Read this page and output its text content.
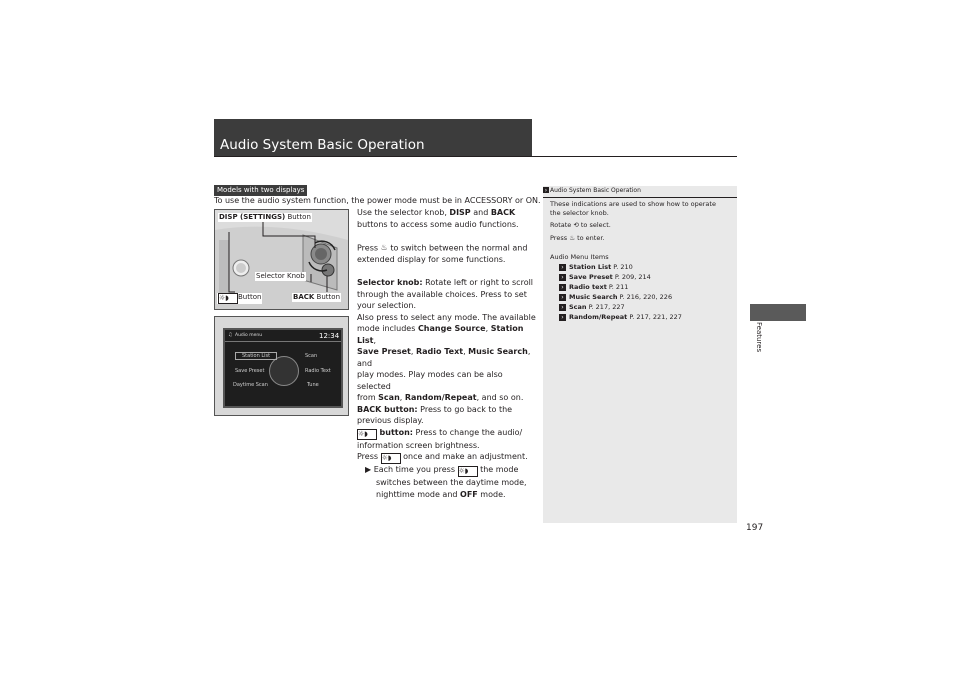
Audio System Basic Operation
Models with two displays
To use the audio system function, the power mode must be in ACCESSORY or ON.
DISP (SETTINGS) Button
Selector Knob
☼◗ Button	BACK Button
♫ Audio menu	12:34
Station List	Scan
Save Preset	Radio Text
Daytime Scan	Tune
Use the selector knob, DISP and BACK
buttons to access some audio functions.
Press ♨ to switch between the normal and extended display for some functions.
Selector knob: Rotate left or right to scroll
through the available choices. Press to set
your selection.
Also press to select any mode. The available
mode includes Change Source, Station List,
Save Preset, Radio Text, Music Search, and
play modes. Play modes can be also selected
from Scan, Random/Repeat, and so on.
BACK button: Press to go back to the
previous display.
☼◗ button: Press to change the audio/
information screen brightness.
Press ☼◗ once and make an adjustment.
▶ Each time you press ☼◗ the mode
switches between the daytime mode,
nighttime mode and OFF mode.
› Audio System Basic Operation
These indications are used to show how to operate
the selector knob.
Rotate ⟲ to select.
Press ♨ to enter.
Audio Menu Items
› Station List P. 210
› Save Preset P. 209, 214
› Radio text P. 211
› Music Search P. 216, 220, 226
› Scan P. 217, 227
› Random/Repeat P. 217, 221, 227
Features
197
